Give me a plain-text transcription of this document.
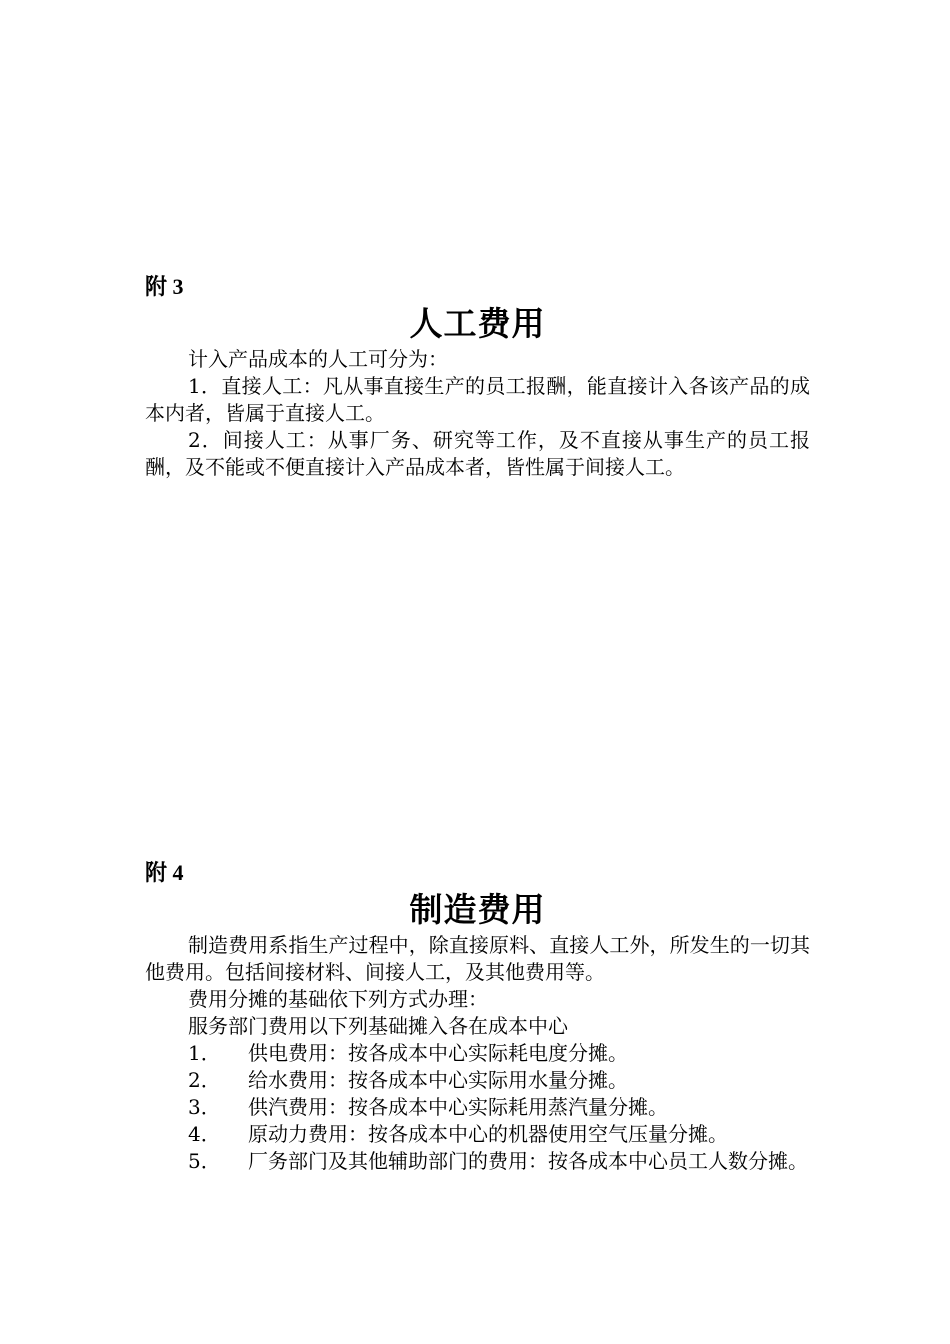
附 3
人工费用

计入产品成本的人工可分为：

1．直接人工：凡从事直接生产的员工报酬，能直接计入各该产品的成本内者，皆属于直接人工。

2．间接人工：从事厂务、研究等工作，及不直接从事生产的员工报酬，及不能或不便直接计入产品成本者，皆性属于间接人工。

附 4
制造费用

制造费用系指生产过程中，除直接原料、直接人工外，所发生的一切其他费用。包括间接材料、间接人工，及其他费用等。

费用分摊的基础依下列方式办理：

服务部门费用以下列基础摊入各在成本中心

1．	供电费用：按各成本中心实际耗电度分摊。
2．	给水费用：按各成本中心实际用水量分摊。
3．	供汽费用：按各成本中心实际耗用蒸汽量分摊。
4．	原动力费用：按各成本中心的机器使用空气压量分摊。
5．	厂务部门及其他辅助部门的费用：按各成本中心员工人数分摊。
